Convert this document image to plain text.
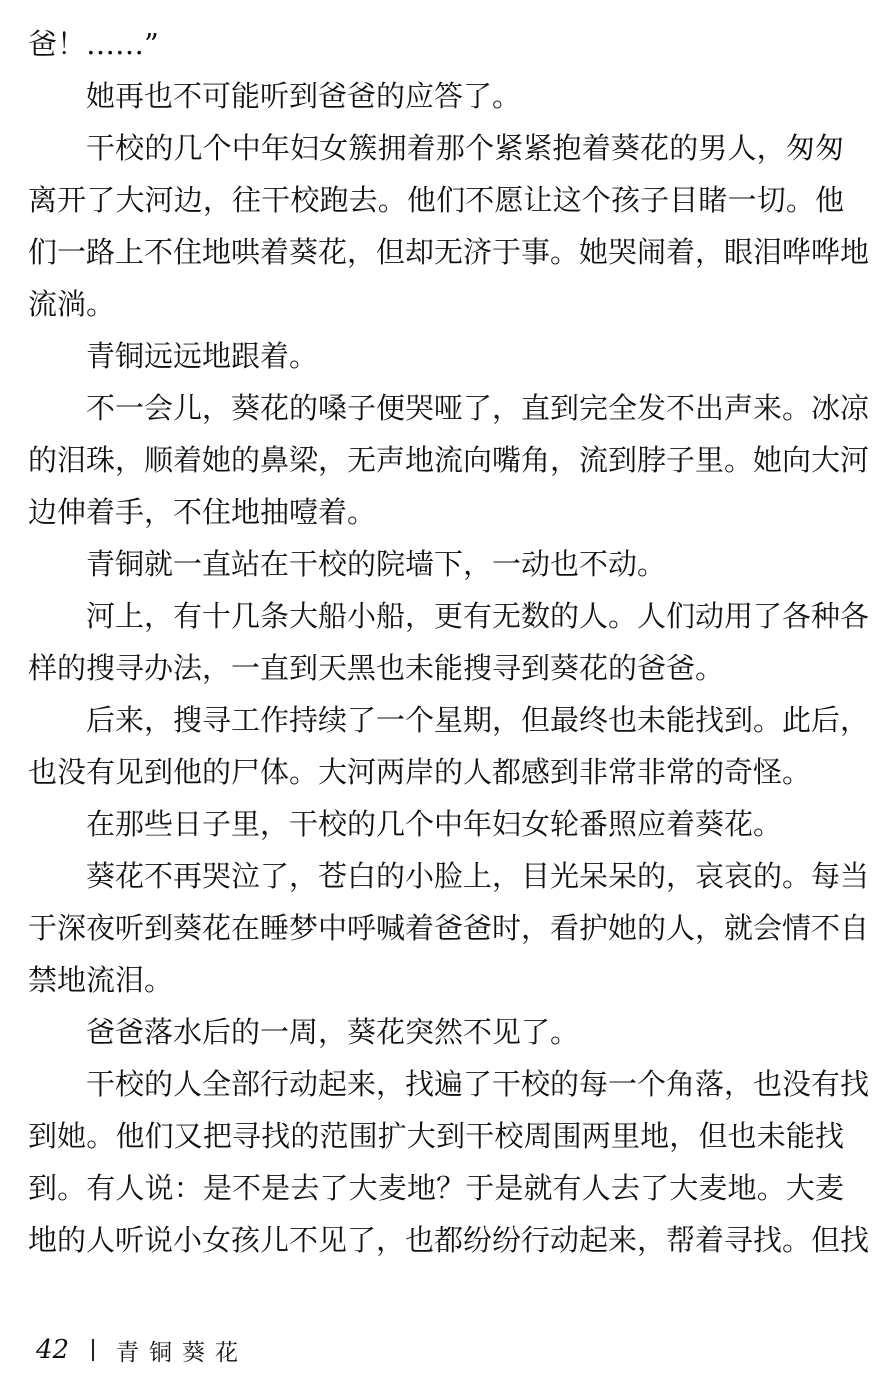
爸！……”
她再也不可能听到爸爸的应答了。
干校的几个中年妇女簇拥着那个紧紧抱着葵花的男人，匆匆
离开了大河边，往干校跑去。他们不愿让这个孩子目睹一切。他
们一路上不住地哄着葵花，但却无济于事。她哭闹着，眼泪哗哗地
流淌。
青铜远远地跟着。
不一会儿，葵花的嗓子便哭哑了，直到完全发不出声来。冰凉
的泪珠，顺着她的鼻梁，无声地流向嘴角，流到脖子里。她向大河
边伸着手，不住地抽噎着。
青铜就一直站在干校的院墙下，一动也不动。
河上，有十几条大船小船，更有无数的人。人们动用了各种各
样的搜寻办法，一直到天黑也未能搜寻到葵花的爸爸。
后来，搜寻工作持续了一个星期，但最终也未能找到。此后，
也没有见到他的尸体。大河两岸的人都感到非常非常的奇怪。
在那些日子里，干校的几个中年妇女轮番照应着葵花。
葵花不再哭泣了，苍白的小脸上，目光呆呆的，哀哀的。每当
于深夜听到葵花在睡梦中呼喊着爸爸时，看护她的人，就会情不自
禁地流泪。
爸爸落水后的一周，葵花突然不见了。
干校的人全部行动起来，找遍了干校的每一个角落，也没有找
到她。他们又把寻找的范围扩大到干校周围两里地，但也未能找
到。有人说：是不是去了大麦地？于是就有人去了大麦地。大麦
地的人听说小女孩儿不见了，也都纷纷行动起来，帮着寻找。但找
42	青铜葵花
